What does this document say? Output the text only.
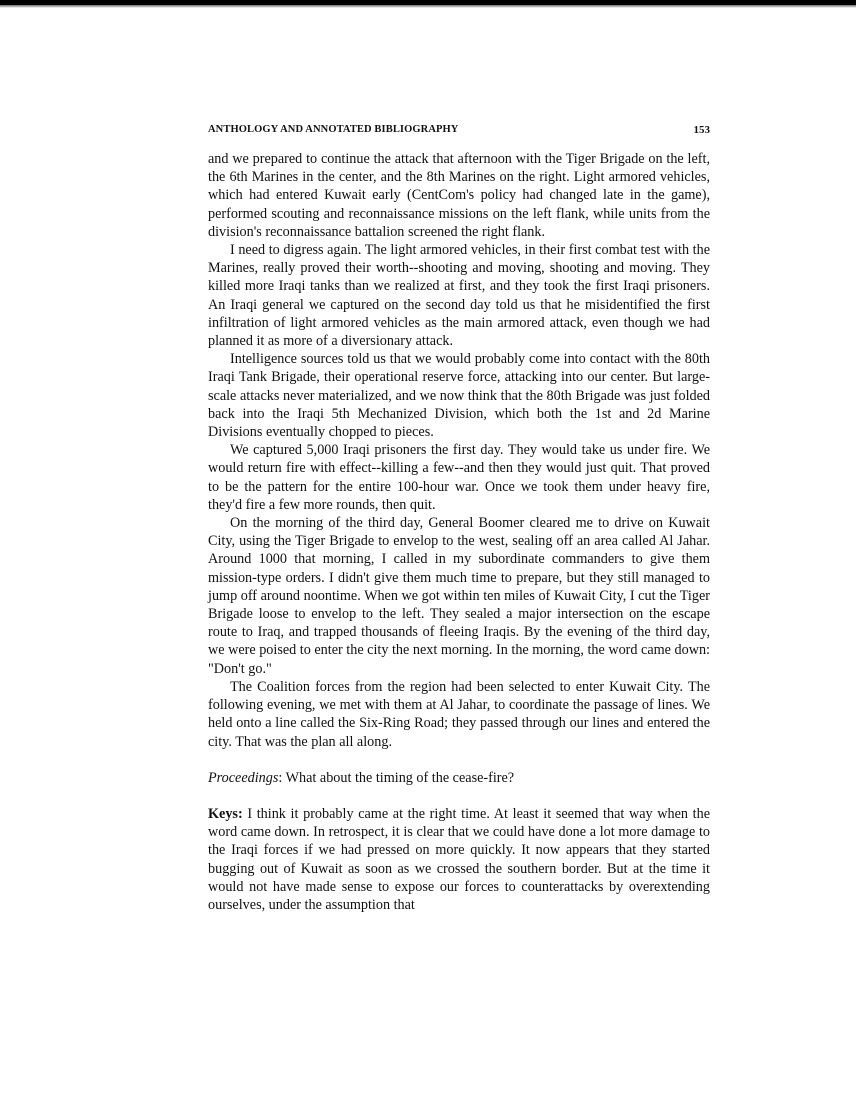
ANTHOLOGY AND ANNOTATED BIBLIOGRAPHY	153

and we prepared to continue the attack that afternoon with the Tiger Brigade on the left, the 6th Marines in the center, and the 8th Marines on the right. Light armored vehicles, which had entered Kuwait early (CentCom's policy had changed late in the game), performed scouting and reconnaissance missions on the left flank, while units from the division's reconnaissance battalion screened the right flank.

I need to digress again. The light armored vehicles, in their first combat test with the Marines, really proved their worth--shooting and moving, shooting and moving. They killed more Iraqi tanks than we realized at first, and they took the first Iraqi prisoners. An Iraqi general we captured on the second day told us that he misidentified the first infiltration of light armored vehicles as the main armored attack, even though we had planned it as more of a diversionary attack.

Intelligence sources told us that we would probably come into contact with the 80th Iraqi Tank Brigade, their operational reserve force, attacking into our center. But large-scale attacks never materialized, and we now think that the 80th Brigade was just folded back into the Iraqi 5th Mechanized Division, which both the 1st and 2d Marine Divisions eventually chopped to pieces.

We captured 5,000 Iraqi prisoners the first day. They would take us under fire. We would return fire with effect--killing a few--and then they would just quit. That proved to be the pattern for the entire 100-hour war. Once we took them under heavy fire, they'd fire a few more rounds, then quit.

On the morning of the third day, General Boomer cleared me to drive on Kuwait City, using the Tiger Brigade to envelop to the west, sealing off an area called Al Jahar. Around 1000 that morning, I called in my subordinate commanders to give them mission-type orders. I didn't give them much time to prepare, but they still managed to jump off around noontime. When we got within ten miles of Kuwait City, I cut the Tiger Brigade loose to envelop to the left. They sealed a major intersection on the escape route to Iraq, and trapped thousands of fleeing Iraqis. By the evening of the third day, we were poised to enter the city the next morning. In the morning, the word came down: "Don't go."

The Coalition forces from the region had been selected to enter Kuwait City. The following evening, we met with them at Al Jahar, to coordinate the passage of lines. We held onto a line called the Six-Ring Road; they passed through our lines and entered the city. That was the plan all along.

Proceedings: What about the timing of the cease-fire?

Keys: I think it probably came at the right time. At least it seemed that way when the word came down. In retrospect, it is clear that we could have done a lot more damage to the Iraqi forces if we had pressed on more quickly. It now appears that they started bugging out of Kuwait as soon as we crossed the southern border. But at the time it would not have made sense to expose our forces to counterattacks by overextending ourselves, under the assumption that
